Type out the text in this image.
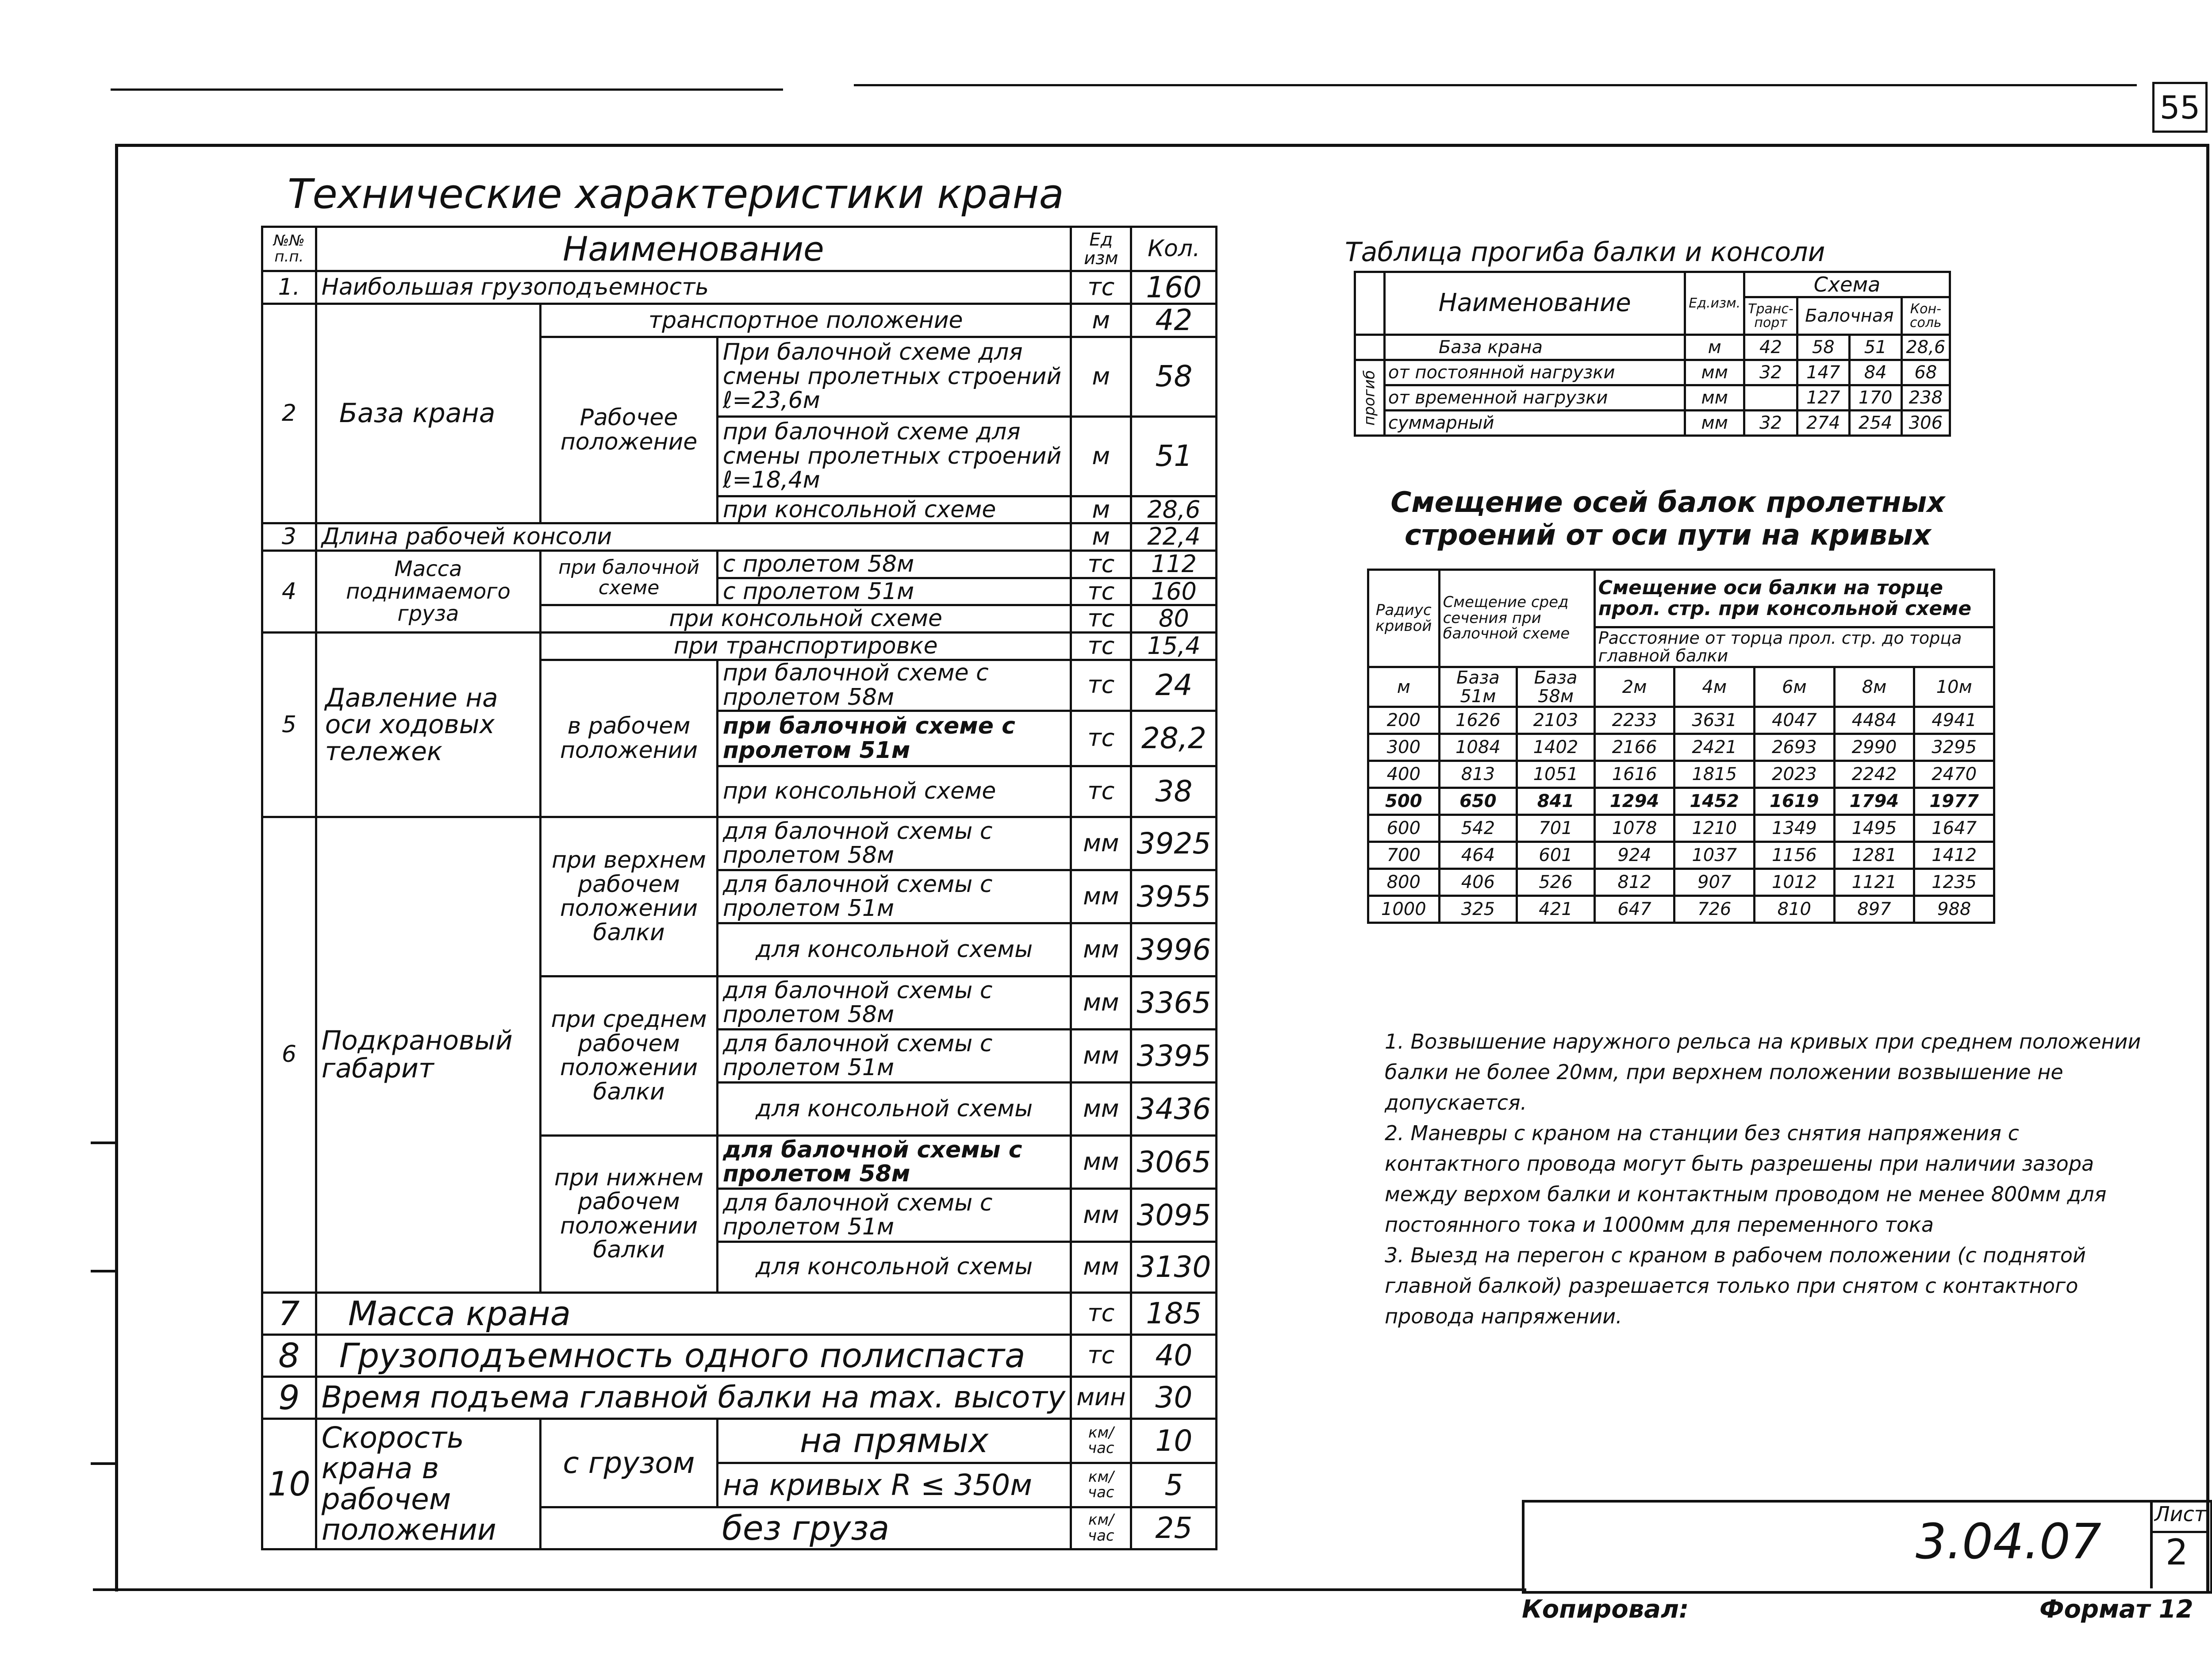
55
Технические характеристики крана
№№ п.п.	Наименование			Ед изм	Кол.
1.	Наибольшая грузоподъемность			тс	160
2	База крана	транспортное положение		м	42
		Рабочее положение	При балочной схеме для смены пролетных строений ℓ=23,6м	м	58
			при балочной схеме для смены пролетных строений ℓ=18,4м	м	51
			при консольной схеме	м	28,6

3	Длина рабочей консоли			м	22,4
4	Масса поднимаемого груза	при балочной схеме	с пролетом 58м	тс	112
			с пролетом 51м	тс	160
		при консольной схеме		тс	80
5	Давление на оси ходовых тележек	при транспортировке		тс	15,4
		в рабочем положении	при балочной схеме с пролетом 58м	тс	24
			при балочной схеме с пролетом 51м	тс	28,2
			при консольной схеме	тс	38
6	Подкрановый габарит	при верхнем рабочем положении балки	для балочной схемы с пролетом 58м	мм	3925
			для балочной схемы с пролетом 51м	мм	3955
			для консольной схемы	мм	3996
		при среднем рабочем положении балки	для балочной схемы с пролетом 58м	мм	3365
			для балочной схемы с пролетом 51м	мм	3395
			для консольной схемы	мм	3436
		при нижнем рабочем положении балки	для балочной схемы с пролетом 58м	мм	3065
			для балочной схемы с пролетом 51м	мм	3095
			для консольной схемы	мм	3130
7	Масса крана			тс	185
8	Грузоподъемность одного полиспаста			тс	40
9	Время подъема главной балки на max. высоту			мин	30
10	Скорость крана в рабочем положении	с грузом	на прямых	км/час	10
			на кривых R ≤ 350м	км/час	5
		без груза		км/час	25
Таблица прогиба балки и консоли
	Наименование	Ед.изм.	Схема			
			Транс-порт	Балочная		Кон-соль

	База крана	м	42	58	51	28,6
прогиб	от постоянной нагрузки	мм	32	147	84	68
	от временной нагрузки	мм		127	170	238
	суммарный	мм	32	274	254	306
Смещение осей балок пролетных строений от оси пути на кривых
Радиус кривой	Смещение сред сечения при балочной схеме		Смещение оси балки на торце прол. стр. при консольной схеме				
			Расстояние от торца прол. стр. до торца главной балки				
м	База 51м	База 58м	2м	4м	6м	8м	10м
200	1626	2103	2233	3631	4047	4484	4941
300	1084	1402	2166	2421	2693	2990	3295
400	813	1051	1616	1815	2023	2242	2470
500	650	841	1294	1452	1619	1794	1977
600	542	701	1078	1210	1349	1495	1647
700	464	601	924	1037	1156	1281	1412
800	406	526	812	907	1012	1121	1235
1000	325	421	647	726	810	897	988

1. Возвышение наружного рельса на кривых при среднем положении балки не более 20мм, при верхнем положении возвышение не допускается.

2. Маневры с краном на станции без снятия напряжения с контактного провода могут быть разрешены при наличии зазора между верхом балки и контактным проводом не менее 800мм для постоянного тока и 1000мм для переменного тока

3. Выезд на перегон с краном в рабочем положении (с поднятой главной балкой) разрешается только при снятом с контактного провода напряжении.

3.04.07	Лист
2
Копировал:	Формат 12
